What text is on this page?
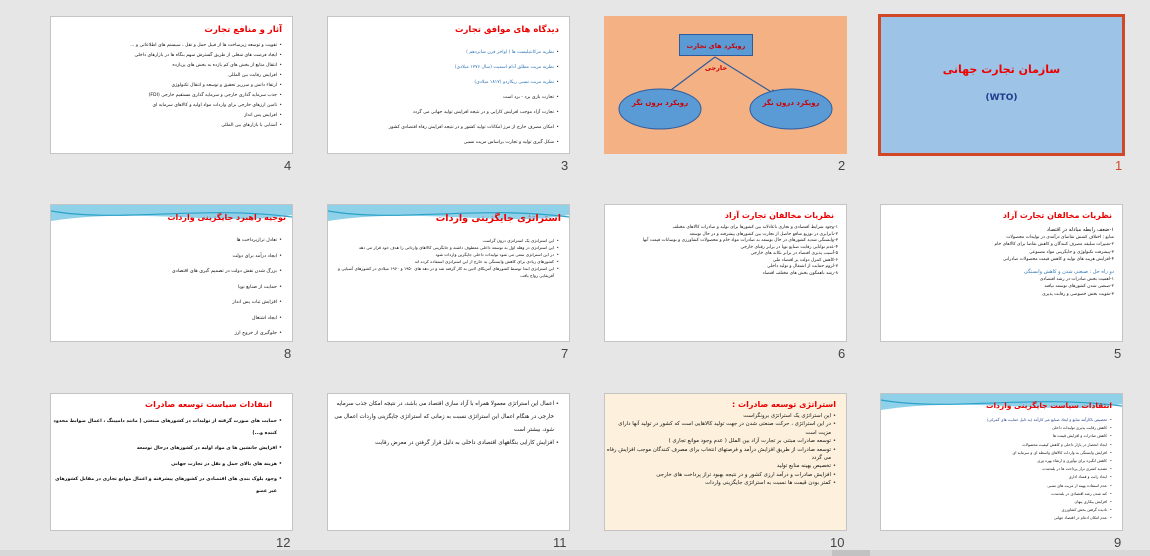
سازمان تجارت جهانی
(WTO)
1
رویکرد های تجارت خارجی
رویکرد برون نگر	رویکرد درون نگر
2
دیدگاه های موافق تجارت
• نظریه مرکانتیلیست ها ( اواخر قرن شانزدهم )
• نظریه مزیت مطلق آدام اسمیت (سال ۱۷۷۶ میلادی)
• نظریه مزیت نسبی ریکاردو (۱۸۱۷ میلادی)
• تجارت بازی برد - برد است
• تجارت آزاد موجب افزایش کارایی و در نتیجه افزایش تولید جهانی می گردد
• امکان مصرف خارج از مرز امکانات تولید کشور و در نتیجه افزایش رفاه اقتصادی کشور
• شکل گیری تولید و تجارت براساس مزیت نسبی
3
آثار و منافع تجارت
• تقویت و توسعه زیرساخت ها از قبیل حمل و نقل ، سیستم های اطلاعاتی و ...
• ایجاد فرصت های شغلی از طریق گسترش سهم بنگاه ها در بازارهای داخلی
• انتقال منابع از بخش های کم بازده به بخش های پربازده
• افزایش رقابت بین المللی
• ارتقاء دانش و سرریز تحقیق و توسعه و انتقال تکنولوژی
• جذب سرمایه گذاری خارجی و سرمایه گذاری مستقیم خارجی (FDI)
• تامین ارزهای خارجی برای واردات مواد اولیه و کالاهای سرمایه ای
• افزایش پس انداز
• آشنایی با بازارهای بین المللی
4
نظریات مخالفان تجارت آزاد
۱-ضعف رابطه مبادله در اقتصاد
منابع : اختلاف کشش تقاضای درآمدی در تولیدات محصولات
۲-تغییرات سلیقه مصرف کنندگان و کاهش تقاضا برای کالاهای خام
۳-پیشرفت تکنولوژی و جایگزینی مواد مصنوعی
۴-افزایش هزینه های تولید و کاهش قیمت محصولات صادراتی
دو راه حل : صنعتی شدن و کاهش وابستگی
۱-اهمیت بخش صادرات در رشد اقتصادی
۲-صنعتی شدن کشورهای توسعه نیافته
۳-تقویت بخش خصوصی و رقابت پذیری
5
نظریات مخالفان تجارت آزاد
۱-وجود شرایط اقتصادی و تجاری ناعادلانه بین کشورها برای تولید و صادرات کالاهای مختلف
۲-نابرابری در توزیع منافع حاصل از تجارت بین کشورهای پیشرفته و در حال توسعه
۳-وابستگی شدید کشورهای در حال توسعه به صادرات مواد خام و محصولات کشاورزی و نوسانات قیمت آنها
۴-عدم توانایی رقابت صنایع نوپا در برابر رقبای خارجی
۵-آسیب پذیری اقتصاد در برابر تکانه های خارجی
۶-کاهش کنترل دولت بر اقتصاد ملی
۷-لزوم حمایت از اشتغال و تولید داخلی
۸-رشد ناهمگون بخش های مختلف اقتصاد
6
استراتژی جایگزینی واردات
• این استراتژی یک استراتژی درون گراست
• این استراتژی در وهله اول به توسعه داخلی معطوف داشته و جایگزینی کالاهای وارداتی را هدف خود قرار می دهد
• در این استراتژی سعی می شود تولیدات داخلی جایگزین واردات شود
• کشورهای زیادی برای کاهش وابستگی به خارج از این استراتژی استفاده کرده اند
• این استراتژی ابتدا توسط کشورهای آمریکای لاتین به کار گرفته شد و در دهه های ۱۹۵۰ و ۱۹۶۰ میلادی در کشورهای آسیایی و آفریقایی رواج یافت
7
توجیه راهبرد جایگزینی واردات
• تعادل ترازپرداخت ها
• ایجاد درآمد برای دولت
• بزرگ شدن نقش دولت در تصمیم گیری های اقتصادی
• حمایت از صنایع نوپا
• افزایش ثبات پس انداز
• ایجاد اشتغال
• جلوگیری از خروج ارز
8
انتقادات سیاست جایگزینی واردات
• تخصیص ناکارآمد منابع و ایجاد صنایع غیر کارآمد (به دلیل حمایت های گمرکی)
• کاهش رقابت پذیری تولیدات داخلی
• کاهش صادرات و افزایش قیمت ها
• ایجاد انحصار در بازار داخلی و کاهش کیفیت محصولات
• افزایش وابستگی به واردات کالاهای واسطه ای و سرمایه ای
• کاهش انگیزه برای نوآوری و ارتقاء بهره وری
• تشدید کسری تراز پرداخت ها در بلندمدت
• ایجاد رانت و فساد اداری
• عدم استفاده بهینه از مزیت های نسبی
• کند شدن رشد اقتصادی در بلندمدت
• افزایش بیکاری پنهان
• نادیده گرفتن بخش کشاورزی
• عدم امکان ادغام در اقتصاد جهانی
9
استراتژی توسعه صادرات :
• این استراتژی یک استراتژی برونگراست
• در این استراتژی ، حرکت صنعتی شدن در جهت تولید کالاهایی است که کشور در تولید آنها دارای مزیت است
• توسعه صادرات مبتنی بر تجارت آزاد بین الملل ( عدم وجود موانع تجاری )
• توسعه صادرات از طریق افزایش درآمد و فرصتهای انتخاب برای مصرف کنندگان موجب افزایش رفاه می گردد
• تخصیص بهینه منابع تولید
• افزایش صادرات و درآمد ارزی کشور و در نتیجه بهبود تراز پرداخت های خارجی
• کمتر بودن قیمت ها نسبت به استراتژی جایگزینی واردات
10
• اعمال این استراتژی معمولا همراه با آزاد سازی اقتصاد می باشد، در نتیجه امکان جذب سرمایه خارجی در هنگام اعمال این استراتژی نسبت به زمانی که استراتژی جایگزینی واردات اعمال می شود، بیشتر است
• افزایش کارایی بنگاههای اقتصادی داخلی به دلیل قرار گرفتن در معرض رقابت
11
انتقادات سیاست توسعه صادرات
• حمایت های صورت گرفته از تولیدات در کشورهای صنعتی ( مانند دامپینگ ، اعمال ضوابط محدود کننده و...)
• افزایش جانشین ها ی مواد اولیه در کشورهای درحال توسعه
• هزینه های بالای حمل و نقل در تجارت جهانی
• وجود بلوک بندی های اقتصادی در کشورهای پیشرفته و اعمال موانع تجاری در مقابل کشورهای غیر عضو
12
